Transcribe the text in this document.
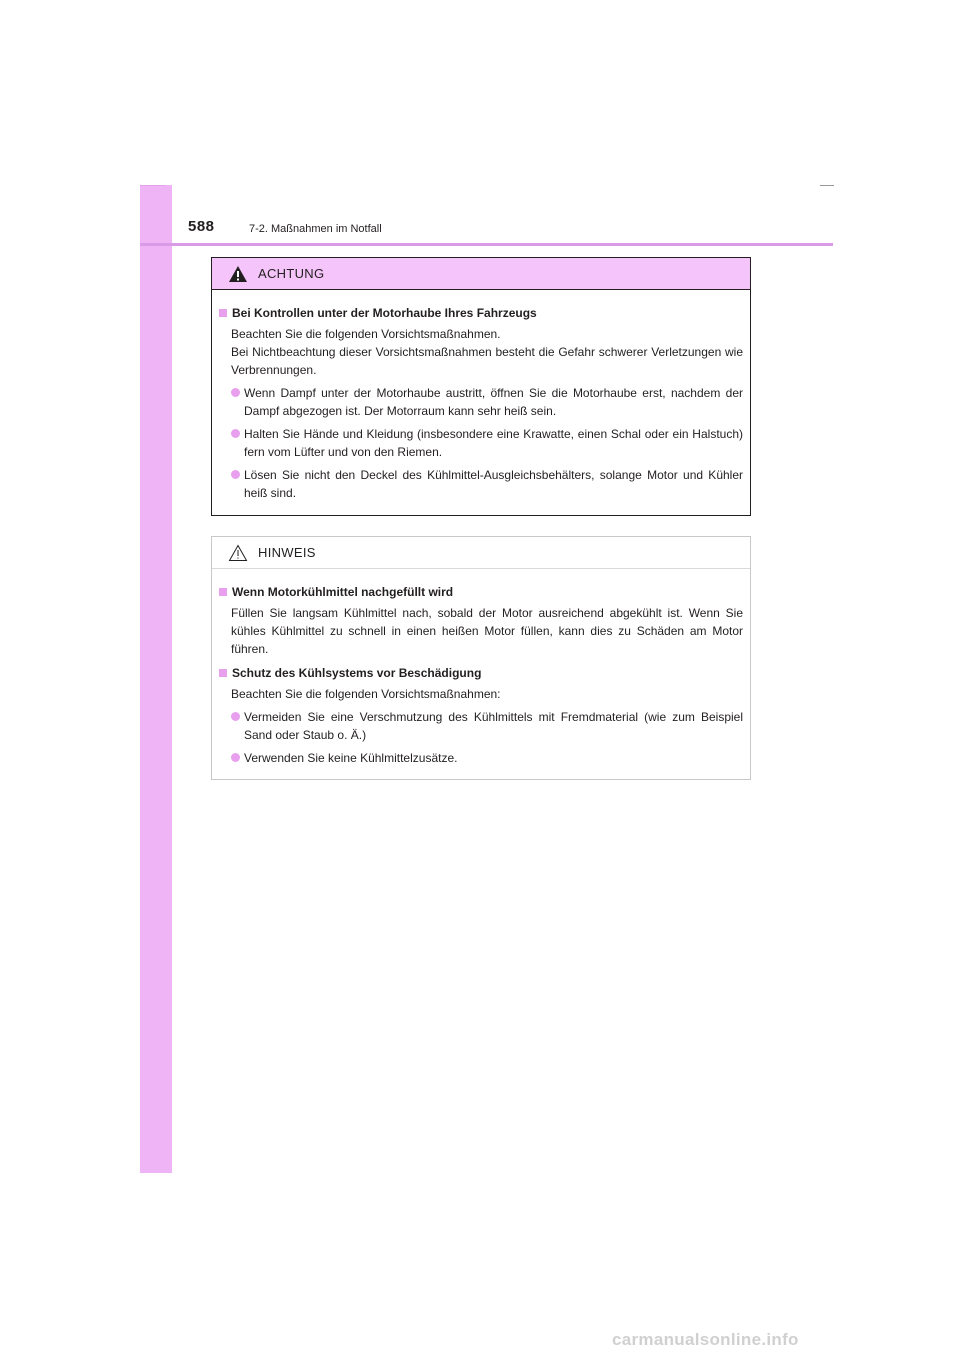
588	7-2. Maßnahmen im Notfall
ACHTUNG
Bei Kontrollen unter der Motorhaube Ihres Fahrzeugs
Beachten Sie die folgenden Vorsichtsmaßnahmen.
Bei Nichtbeachtung dieser Vorsichtsmaßnahmen besteht die Gefahr schwerer Verletzungen wie Verbrennungen.
Wenn Dampf unter der Motorhaube austritt, öffnen Sie die Motorhaube erst, nachdem der Dampf abgezogen ist. Der Motorraum kann sehr heiß sein.
Halten Sie Hände und Kleidung (insbesondere eine Krawatte, einen Schal oder ein Halstuch) fern vom Lüfter und von den Riemen.
Lösen Sie nicht den Deckel des Kühlmittel-Ausgleichsbehälters, solange Motor und Kühler heiß sind.
HINWEIS
Wenn Motorkühlmittel nachgefüllt wird
Füllen Sie langsam Kühlmittel nach, sobald der Motor ausreichend abgekühlt ist. Wenn Sie kühles Kühlmittel zu schnell in einen heißen Motor füllen, kann dies zu Schäden am Motor führen.
Schutz des Kühlsystems vor Beschädigung
Beachten Sie die folgenden Vorsichtsmaßnahmen:
Vermeiden Sie eine Verschmutzung des Kühlmittels mit Fremdmaterial (wie zum Beispiel Sand oder Staub o. Ä.)
Verwenden Sie keine Kühlmittelzusätze.
carmanualsonline.info
